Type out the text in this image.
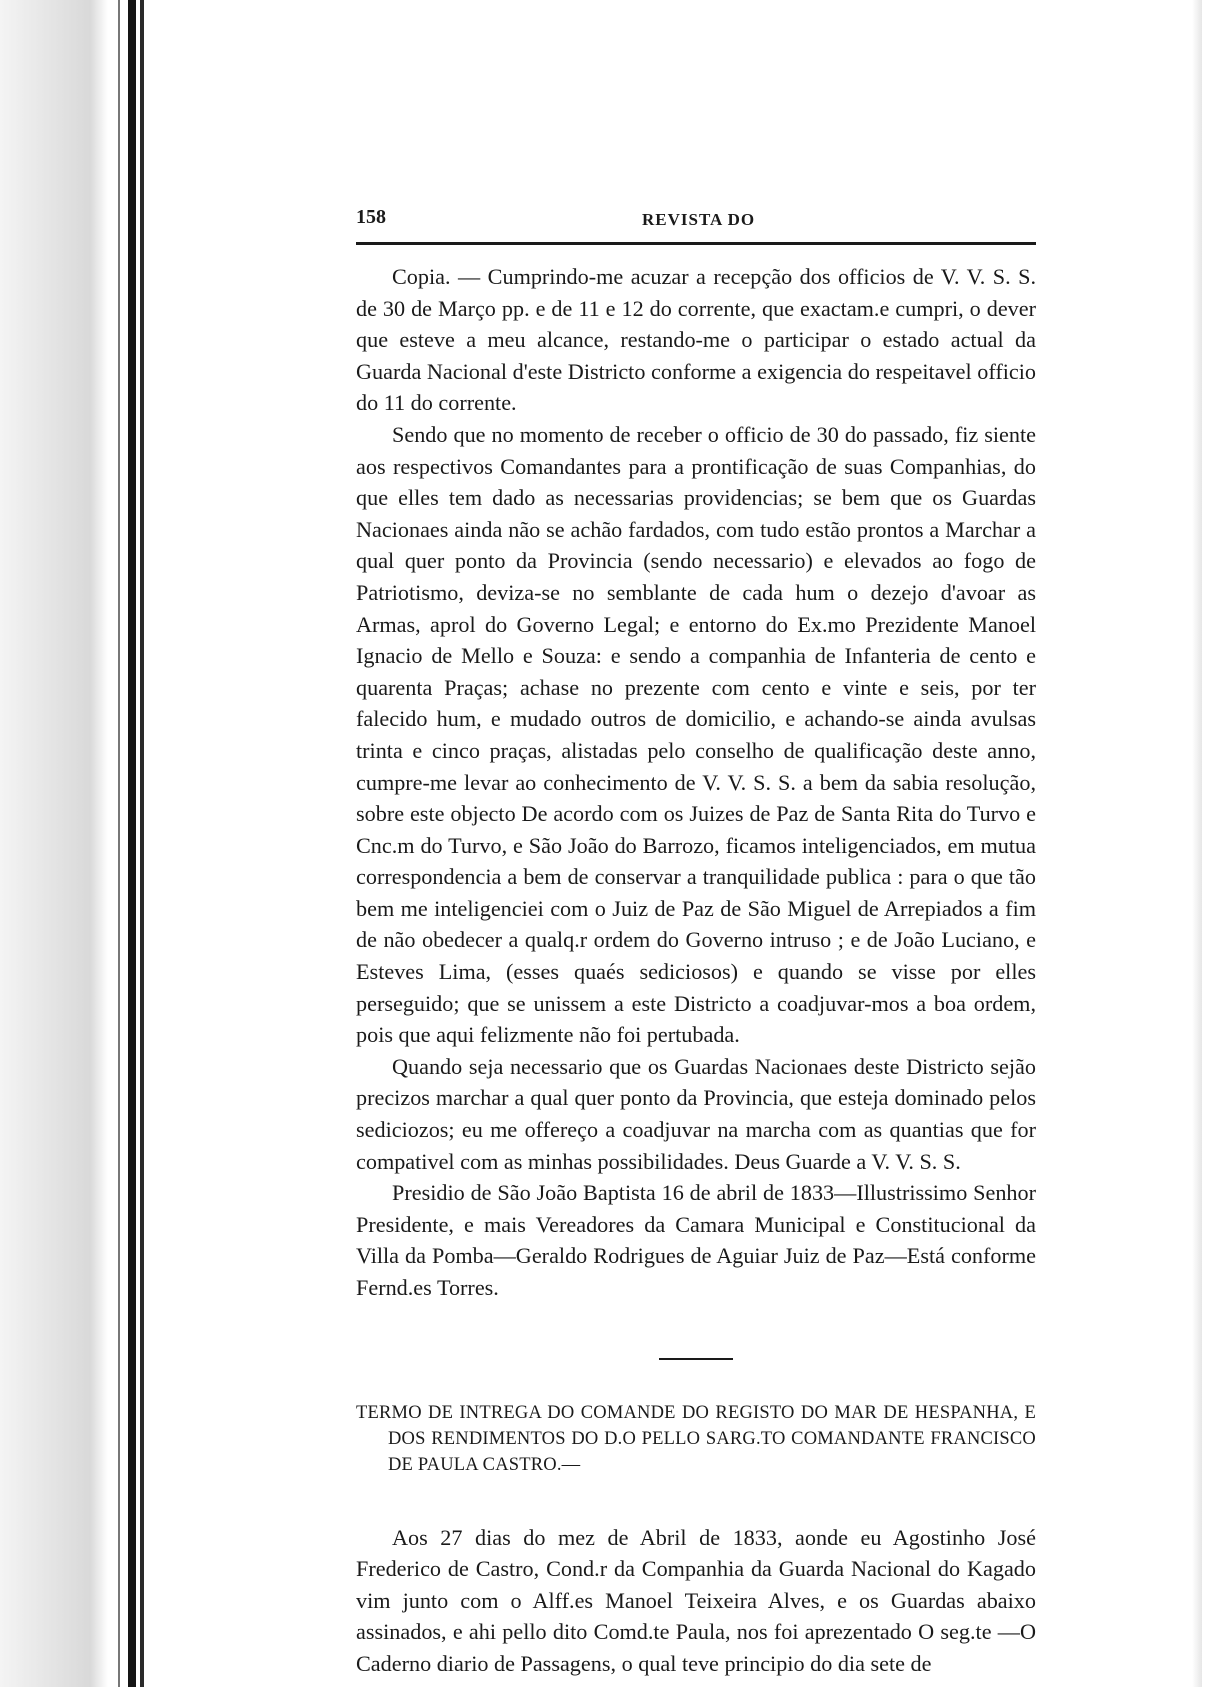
158	REVISTA DO

Copia. — Cumprindo-me acuzar a recepção dos officios de V. V. S. S. de 30 de Março pp. e de 11 e 12 do corrente, que exactam.e cumpri, o dever que esteve a meu alcance, restando-me o participar o estado actual da Guarda Nacional d'este Districto conforme a exigencia do respeitavel officio do 11 do corrente.

Sendo que no momento de receber o officio de 30 do passado, fiz siente aos respectivos Comandantes para a prontificação de suas Companhias, do que elles tem dado as necessarias providencias; se bem que os Guardas Nacionaes ainda não se achão fardados, com tudo estão prontos a Marchar a qual quer ponto da Provincia (sendo necessario) e elevados ao fogo de Patriotismo, deviza-se no semblante de cada hum o dezejo d'avoar as Armas, aprol do Governo Legal; e entorno do Ex.mo Prezidente Manoel Ignacio de Mello e Souza: e sendo a companhia de Infanteria de cento e quarenta Praças; achase no prezente com cento e vinte e seis, por ter falecido hum, e mudado outros de domicilio, e achando-se ainda avulsas trinta e cinco praças, alistadas pelo conselho de qualificação deste anno, cumpre-me levar ao conhecimento de V. V. S. S. a bem da sabia resolução, sobre este objecto De acordo com os Juizes de Paz de Santa Rita do Turvo e Cnc.m do Turvo, e São João do Barrozo, ficamos inteligenciados, em mutua correspondencia a bem de conservar a tranquilidade publica : para o que tão bem me inteligenciei com o Juiz de Paz de São Miguel de Arrepiados a fim de não obedecer a qualq.r ordem do Governo intruso ; e de João Luciano, e Esteves Lima, (esses quaés sediciosos) e quando se visse por elles perseguido; que se unissem a este Districto a coadjuvar-mos a boa ordem, pois que aqui felizmente não foi pertubada.

Quando seja necessario que os Guardas Nacionaes deste Districto sejão precizos marchar a qual quer ponto da Provincia, que esteja dominado pelos sediciozos; eu me offereço a coadjuvar na marcha com as quantias que for compativel com as minhas possibilidades. Deus Guarde a V. V. S. S.

Presidio de São João Baptista 16 de abril de 1833—Illustrissimo Senhor Presidente, e mais Vereadores da Camara Municipal e Constitucional da Villa da Pomba—Geraldo Rodrigues de Aguiar Juiz de Paz—Está conforme Fernd.es Torres.

TERMO DE INTREGA DO COMANDE DO REGISTO DO MAR DE HESPANHA, E DOS RENDIMENTOS DO D.O PELLO SARG.TO COMANDANTE FRANCISCO DE PAULA CASTRO.—

Aos 27 dias do mez de Abril de 1833, aonde eu Agostinho José Frederico de Castro, Cond.r da Companhia da Guarda Nacional do Kagado vim junto com o Alff.es Manoel Teixeira Alves, e os Guardas abaixo assinados, e ahi pello dito Comd.te Paula, nos foi aprezentado O seg.te —O Caderno diario de Passagens, o qual teve principio do dia sete de
